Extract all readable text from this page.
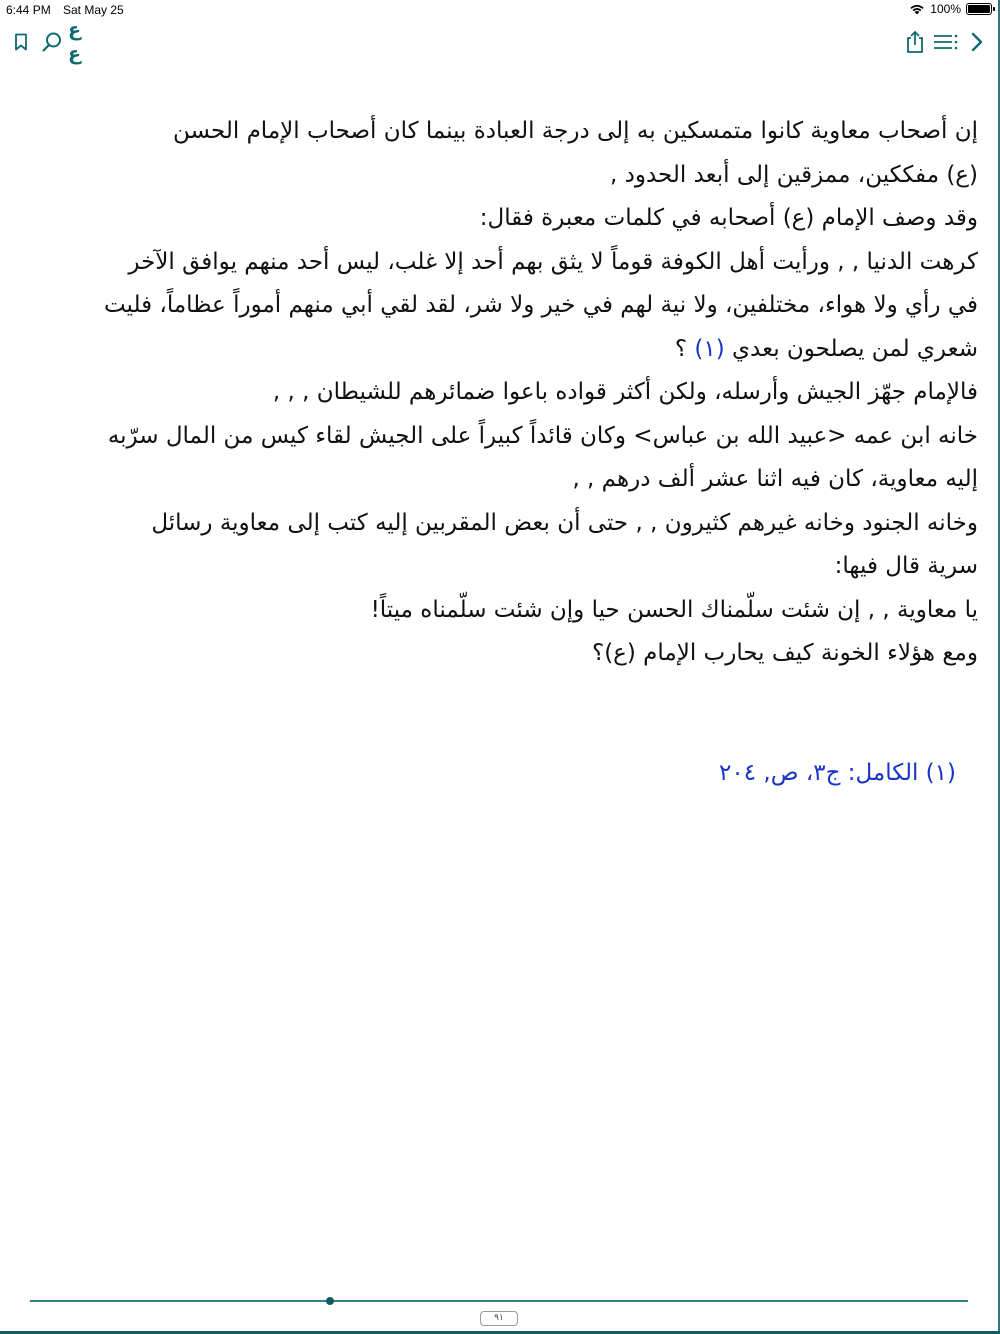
6:44 PM Sat May 25	100%
ع ع

إن أصحاب معاوية كانوا متمسكين به إلى درجة العبادة بينما كان أصحاب الإمام الحسن

(ع) مفككين، ممزقين إلى أبعد الحدود ,

وقد وصف الإمام (ع) أصحابه في كلمات معبرة فقال:

كرهت الدنيا , , ورأيت أهل الكوفة قوماً لا يثق بهم أحد إلا غلب، ليس أحد منهم يوافق الآخر

في رأي ولا هواء، مختلفين، ولا نية لهم في خير ولا شر، لقد لقي أبي منهم أموراً عظاماً، فليت

شعري لمن يصلحون بعدي (١) ؟

فالإمام جهّز الجيش وأرسله، ولكن أكثر قواده باعوا ضمائرهم للشيطان , , ,

خانه ابن عمه <عبيد الله بن عباس> وكان قائداً كبيراً على الجيش لقاء كيس من المال سرّبه

إليه معاوية، كان فيه اثنا عشر ألف درهم , ,

وخانه الجنود وخانه غيرهم كثيرون , , حتى أن بعض المقربين إليه كتب إلى معاوية رسائل

سرية قال فيها:

يا معاوية , , إن شئت سلّمناك الحسن حيا وإن شئت سلّمناه ميتاً!

ومع هؤلاء الخونة كيف يحارب الإمام (ع)؟

(١) الكامل: ج٣، ص, ٢٠٤
٩١
